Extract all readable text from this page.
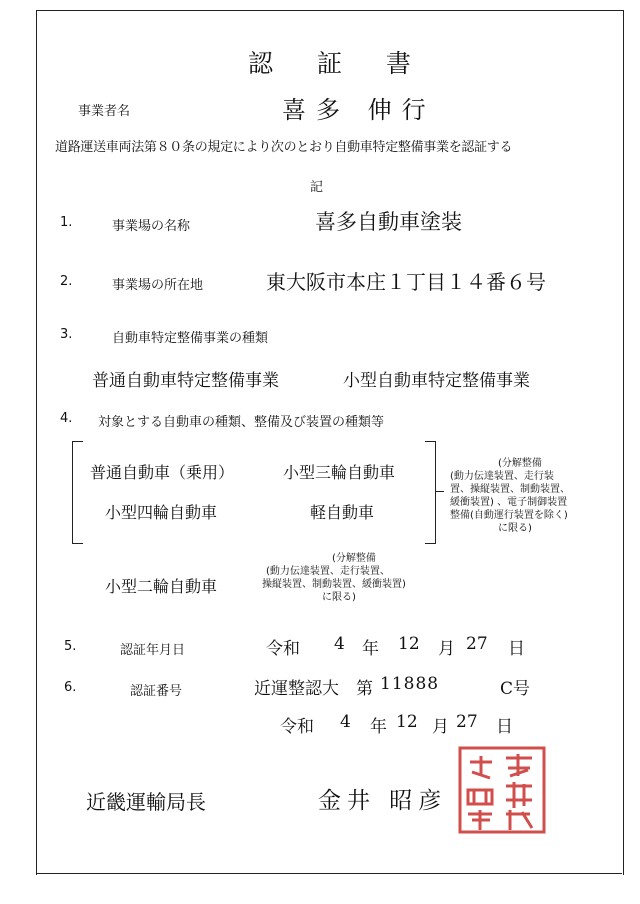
認 証 書
事業者名	喜多 伸行
道路運送車両法第８０条の規定により次のとおり自動車特定整備事業を認証する
記
1.	事業場の名称	喜多自動車塗装
2.	事業場の所在地	東大阪市本庄１丁目１４番６号
3.	自動車特定整備事業の種類
普通自動車特定整備事業	小型自動車特定整備事業
4. 対象とする自動車の種類、整備及び装置の種類等
普通自動車（乗用）	小型三輪自動車
小型四輪自動車	軽自動車
(分解整備
(動力伝達装置、走行装
置、操縦装置、制動装置、
緩衝装置) 、電子制御装置
整備(自動運行装置を除く)
に限る)
小型二輪自動車
(分解整備
(動力伝達装置、走行装置、
操縦装置、制動装置、緩衝装置)
に限る)
5.	認証年月日	令和 4 年 12 月 27 日
6.	認証番号	近運整認大 第 11888	C号
令和 4 年 12 月 27 日
近畿運輸局長	金井 昭彦
